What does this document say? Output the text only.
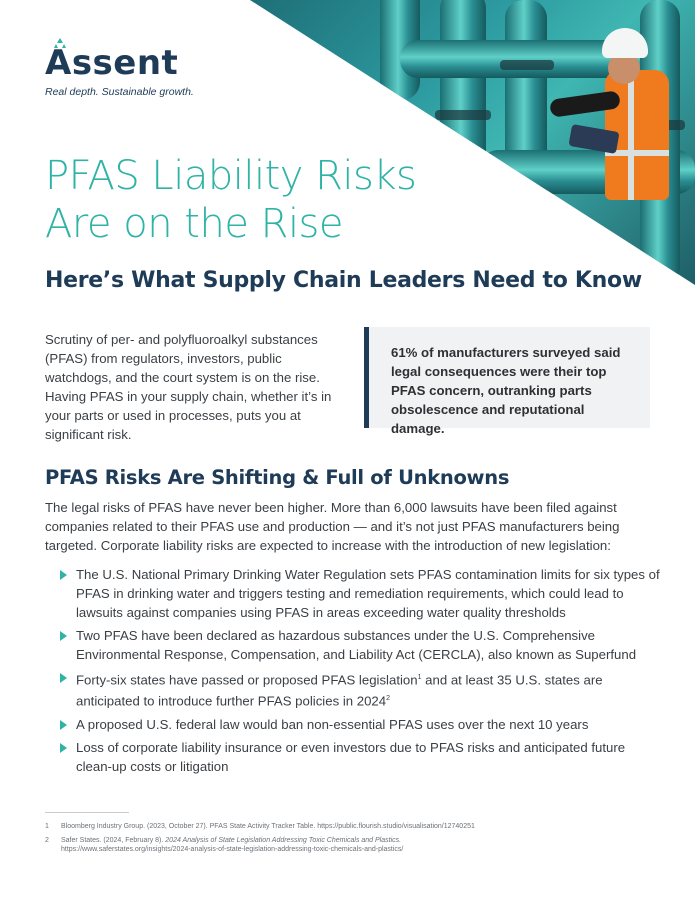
Assent
Real depth. Sustainable growth.
PFAS Liability Risks
Are on the Rise
Here’s What Supply Chain Leaders Need to Know

Scrutiny of per- and polyfluoroalkyl substances (PFAS) from regulators, investors, public watchdogs, and the court system is on the rise. Having PFAS in your supply chain, whether it’s in your parts or used in processes, puts you at significant risk.

61% of manufacturers surveyed said legal consequences were their top PFAS concern, outranking parts obsolescence and reputational damage.

PFAS Risks Are Shifting & Full of Unknowns

The legal risks of PFAS have never been higher. More than 6,000 lawsuits have been filed against companies related to their PFAS use and production — and it’s not just PFAS manufacturers being targeted. Corporate liability risks are expected to increase with the introduction of new legislation:

The U.S. National Primary Drinking Water Regulation sets PFAS contamination limits for six types of PFAS in drinking water and triggers testing and remediation requirements, which could lead to lawsuits against companies using PFAS in areas exceeding water quality thresholds
Two PFAS have been declared as hazardous substances under the U.S. Comprehensive Environmental Response, Compensation, and Liability Act (CERCLA), also known as Superfund
Forty-six states have passed or proposed PFAS legislation$^1$ and at least 35 U.S. states are anticipated to introduce further PFAS policies in 2024$^2$
A proposed U.S. federal law would ban non-essential PFAS uses over the next 10 years
Loss of corporate liability insurance or even investors due to PFAS risks and anticipated future clean-up costs or litigation
1 Bloomberg Industry Group. (2023, October 27). PFAS State Activity Tracker Table. https://public.flourish.studio/visualisation/12740251
2 Safer States. (2024, February 8). 2024 Analysis of State Legislation Addressing Toxic Chemicals and Plastics.
https://www.saferstates.org/insights/2024-analysis-of-state-legislation-addressing-toxic-chemicals-and-plastics/
